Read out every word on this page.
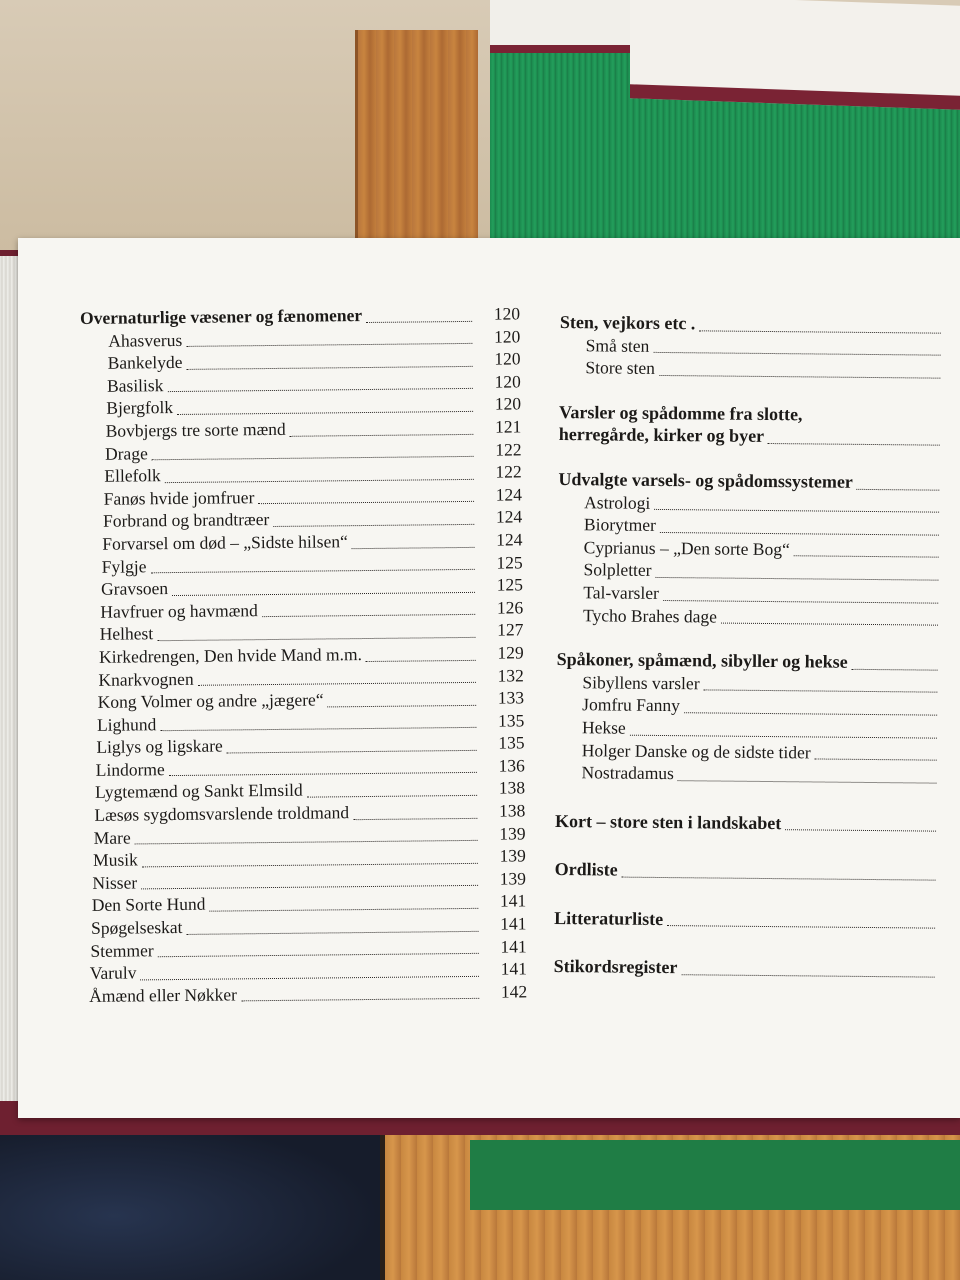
Overnaturlige væsener og fænomener	120
Ahasverus	120
Bankelyde	120
Basilisk	120
Bjergfolk	120
Bovbjergs tre sorte mænd	121
Drage	122
Ellefolk	122
Fanøs hvide jomfruer	124
Forbrand og brandtræer	124
Forvarsel om død – „Sidste hilsen“	124
Fylgje	125
Gravsoen	125
Havfruer og havmænd	126
Helhest	127
Kirkedrengen, Den hvide Mand m.m.	129
Knarkvognen	132
Kong Volmer og andre „jægere“	133
Lighund	135
Liglys og ligskare	135
Lindorme	136
Lygtemænd og Sankt Elmsild	138
Læsøs sygdomsvarslende troldmand	138
Mare	139
Musik	139
Nisser	139
Den Sorte Hund	141
Spøgelseskat	141
Stemmer	141
Varulv	141
Åmænd eller Nøkker	142
Sten, vejkors etc .
Små sten
Store sten
Varsler og spådomme fra slotte,
herregårde, kirker og byer
Udvalgte varsels- og spådomssystemer
Astrologi
Biorytmer
Cyprianus – „Den sorte Bog“
Solpletter
Tal-varsler
Tycho Brahes dage
Spåkoner, spåmænd, sibyller og hekse
Sibyllens varsler
Jomfru Fanny
Hekse
Holger Danske og de sidste tider
Nostradamus
Kort – store sten i landskabet
Ordliste
Litteraturliste
Stikordsregister
